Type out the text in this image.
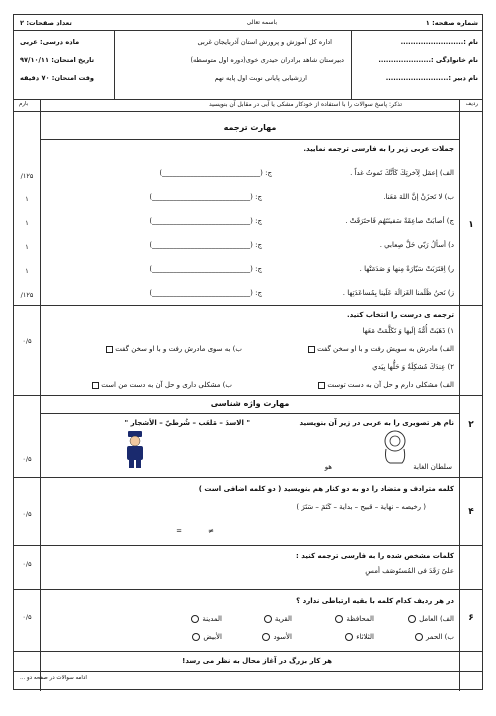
شماره صفحه: ۱
باسمه تعالی
تعداد صفحات: ۲
نام :.........................
اداره کل آموزش و پرورش استان آذربایجان غربی
ماده درسی: عربی
نام خانوادگی :.....................
دبیرستان شاهد برادران حیدری خوی(دوره اول متوسطه)
تاریخ امتحان: ۹۷/۱۰/۱۱
نام دبیر :.........................
ارزشیابی پایانی نوبت اول پایه نهم
وقت امتحان: ۷۰ دقیقه
ردیف
بارم	تذکر: پاسخ سوالات را با استفاده از خودکار مشکی یا آبی در مقابل آن بنویسید
مهارت ترجمه
۱
جملات عربی زیر را به فارسی ترجمه نمایید.
الف) إعمَل لِآخرتِكَ كَأنَّكَ تَموتُ غداً .
ج: (____________________________)
۱۲۵/
ب) لا تَحزَنْ إنَّ اللهَ مَعَنا.
ج: (____________________________)
۱
ج) أصابَتْ صاعِقَةٌ سَفينَتَهُم فَاحتَرَقَتْ .
ج: (____________________________)
۱
د) أسألُ رَبّي حَلَّ صِعابي .
ج: (____________________________)
۱
ر) اِقتَرَبَتْ سَيّارَةٌ مِنها وَ صَدَمَتْها .
ج: (____________________________)
۱
ز) نَحنُ ظَلَمنا الغَزالَة عَلَينا بِمُساعَدَتِها .
ج: (____________________________)
۱۲۵/
ترجمه ی درست را انتخاب کنید.
۱) ذَهَبَتْ أُمُّهُ إلَيها وَ تَكَلَّمَتْ مَعَها
الف) مادرش به سویش رفت و با او سخن گفت
ب) به سوی مادرش رفت و با او سخن گفت
۰/۵
۲) عِندَكَ مُشكِلَةٌ وَ حَلُّها بِيَدي
الف) مشکلی دارم و حل آن به دست توست
ب) مشکلی داری و حل آن به دست من است
مهارت واژه شناسی
۲
نام هر تصویری را به عربی در زیر آن بنویسید
" الاسدَ – مَلعَب – شُرطيّ – الأشجار "
۰/۵
سلطان الغابة
هو
۴
کلمه مترادف و متضاد را دو به دو کنار هم بنویسید ( دو کلمه اضافی است )
( رخیصه – نهایة – قبیح – بدایة – کَتَمَ – سَتَرَ )
۰/۵
≠
=
کلمات مشخص شده را به فارسی ترجمه کنید :
علیٌ رَقَدَ فی المُستَوصَف أمسِ
۰/۵
۶
در هر ردیف کدام کلمه با بقیه ارتباطی ندارد ؟
۰/۵	الف) العامل
المحافظة
القریة
المدینة
ب) الحمر
الثلاثاء
الأسود
الأبیض
هر کار بزرگ در آغاز محال به نظر می رسد!
ادامه سوالات در صفحه دو ...
